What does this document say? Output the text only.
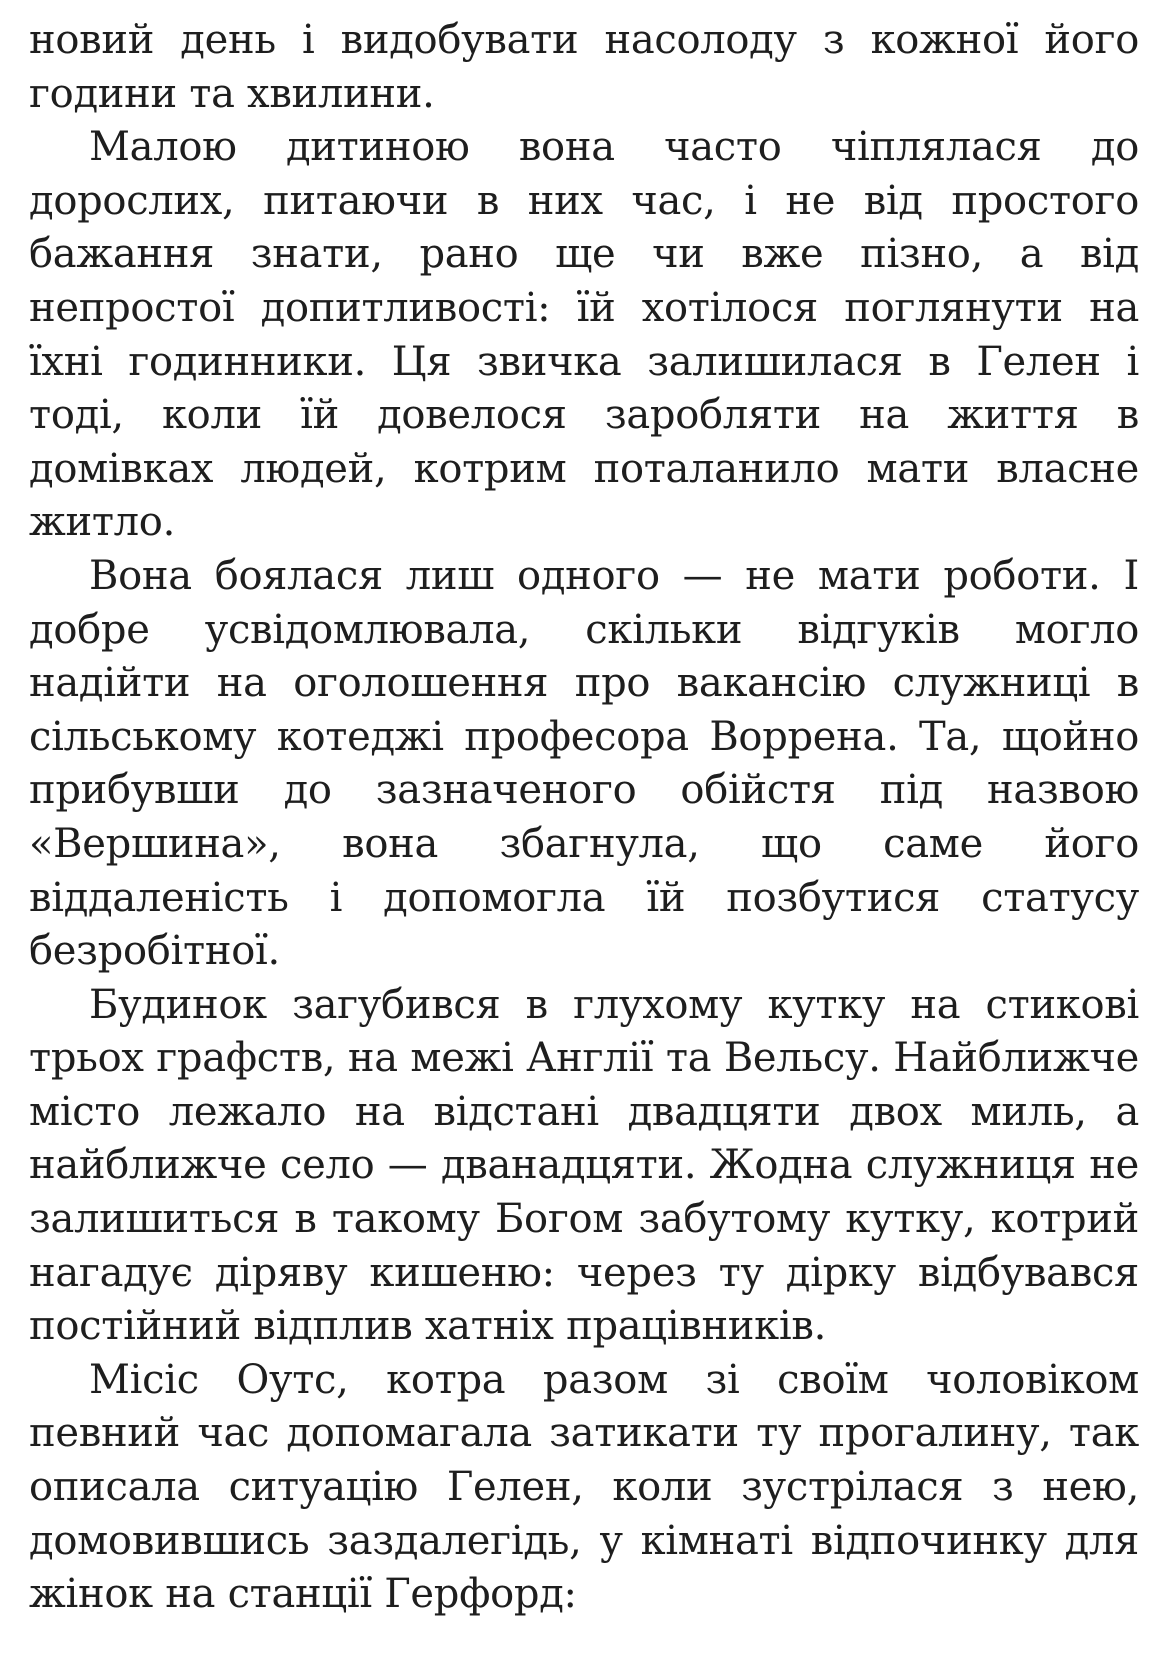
новий день і видобувати насолоду з кожної його години та хвилини.

Малою дитиною вона часто чіплялася до дорослих, питаючи в них час, і не від простого бажання знати, рано ще чи вже пізно, а від непростої допитливості: їй хотілося поглянути на їхні годинники. Ця звичка залишилася в Гелен і тоді, коли їй довелося заробляти на життя в домівках людей, котрим поталанило мати власне житло.

Вона боялася лиш одного — не мати роботи. І добре усвідомлювала, скільки відгуків могло надійти на оголошення про вакансію служниці в сільському котеджі професора Воррена. Та, щойно прибувши до зазначеного обійстя під назвою «Вершина», вона збагнула, що саме його віддаленість і допомогла їй позбутися статусу безробітної.

Будинок загубився в глухому кутку на стикові трьох графств, на межі Англії та Вельсу. Найближче місто лежало на відстані двадцяти двох миль, а найближче село — дванадцяти. Жодна служниця не залишиться в такому Богом забутому кутку, котрий нагадує діряву кишеню: через ту дірку відбувався постійний відплив хатніх працівників.

Місіс Оутс, котра разом зі своїм чоловіком певний час допомагала затикати ту прогалину, так описала ситуацію Гелен, коли зустрілася з нею, домовившись заздалегідь, у кімнаті відпочинку для жінок на станції Герфорд:
